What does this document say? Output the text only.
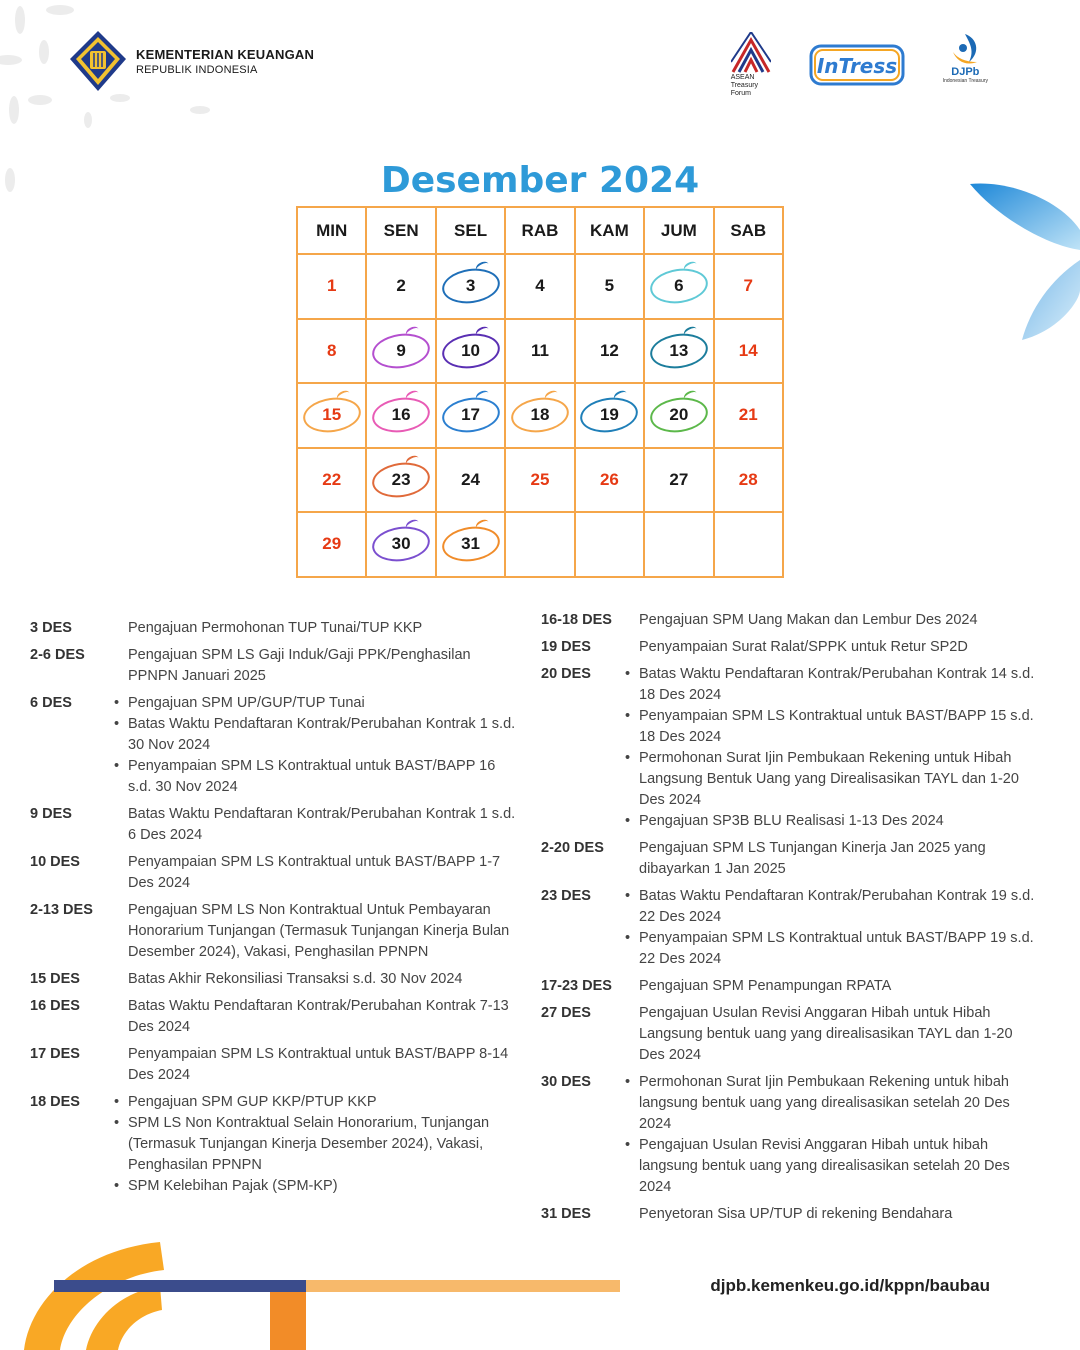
KEMENTERIAN KEUANGAN
REPUBLIK INDONESIA
ASEAN
Treasury
Forum
InTress	DJPb
Indonesian Treasury
Desember 2024
MIN	SEN	SEL	RAB	KAM	JUM	SAB
1	2	3	4	5	6	7
8	9	10	11	12	13	14

15	16	17	18	19	20	21
22	23	24	25	26	27	28
29	30	31				
3 DES	Pengajuan Permohonan TUP Tunai/TUP KKP
2-6 DES	Pengajuan SPM LS Gaji Induk/Gaji PPK/Penghasilan PPNPN Januari 2025
6 DES	• Pengajuan SPM UP/GUP/TUP Tunai
• Batas Waktu Pendaftaran Kontrak/Perubahan Kontrak 1 s.d. 30 Nov 2024
• Penyampaian SPM LS Kontraktual untuk BAST/BAPP 16 s.d. 30 Nov 2024
9 DES	Batas Waktu Pendaftaran Kontrak/Perubahan Kontrak 1 s.d. 6 Des 2024
10 DES	Penyampaian SPM LS Kontraktual untuk BAST/BAPP 1-7 Des 2024
2-13 DES	Pengajuan SPM LS Non Kontraktual Untuk Pembayaran Honorarium Tunjangan (Termasuk Tunjangan Kinerja Bulan Desember 2024), Vakasi, Penghasilan PPNPN
15 DES	Batas Akhir Rekonsiliasi Transaksi s.d. 30 Nov 2024
16 DES	Batas Waktu Pendaftaran Kontrak/Perubahan Kontrak 7-13 Des 2024
17 DES	Penyampaian SPM LS Kontraktual untuk BAST/BAPP 8-14 Des 2024
18 DES	• Pengajuan SPM GUP KKP/PTUP KKP
• SPM LS Non Kontraktual Selain Honorarium, Tunjangan (Termasuk Tunjangan Kinerja Desember 2024), Vakasi, Penghasilan PPNPN
• SPM Kelebihan Pajak (SPM-KP)
16-18 DES	Pengajuan SPM Uang Makan dan Lembur Des 2024
19 DES	Penyampaian Surat Ralat/SPPK untuk Retur SP2D
20 DES	• Batas Waktu Pendaftaran Kontrak/Perubahan Kontrak 14 s.d. 18 Des 2024
• Penyampaian SPM LS Kontraktual untuk BAST/BAPP 15 s.d. 18 Des 2024
• Permohonan Surat Ijin Pembukaan Rekening untuk Hibah Langsung Bentuk Uang yang Direalisasikan TAYL dan 1-20 Des 2024
• Pengajuan SP3B BLU Realisasi 1-13 Des 2024
2-20 DES	Pengajuan SPM LS Tunjangan Kinerja Jan 2025 yang dibayarkan 1 Jan 2025
23 DES	• Batas Waktu Pendaftaran Kontrak/Perubahan Kontrak 19 s.d. 22 Des 2024
• Penyampaian SPM LS Kontraktual untuk BAST/BAPP 19 s.d. 22 Des 2024
17-23 DES	Pengajuan SPM Penampungan RPATA
27 DES	Pengajuan Usulan Revisi Anggaran Hibah untuk Hibah Langsung bentuk uang yang direalisasikan TAYL dan 1-20 Des 2024
30 DES	• Permohonan Surat Ijin Pembukaan Rekening untuk hibah langsung bentuk uang yang direalisasikan setelah 20 Des 2024
• Pengajuan Usulan Revisi Anggaran Hibah untuk hibah langsung bentuk uang yang direalisasikan setelah 20 Des 2024
31 DES	Penyetoran Sisa UP/TUP di rekening Bendahara
djpb.kemenkeu.go.id/kppn/baubau
